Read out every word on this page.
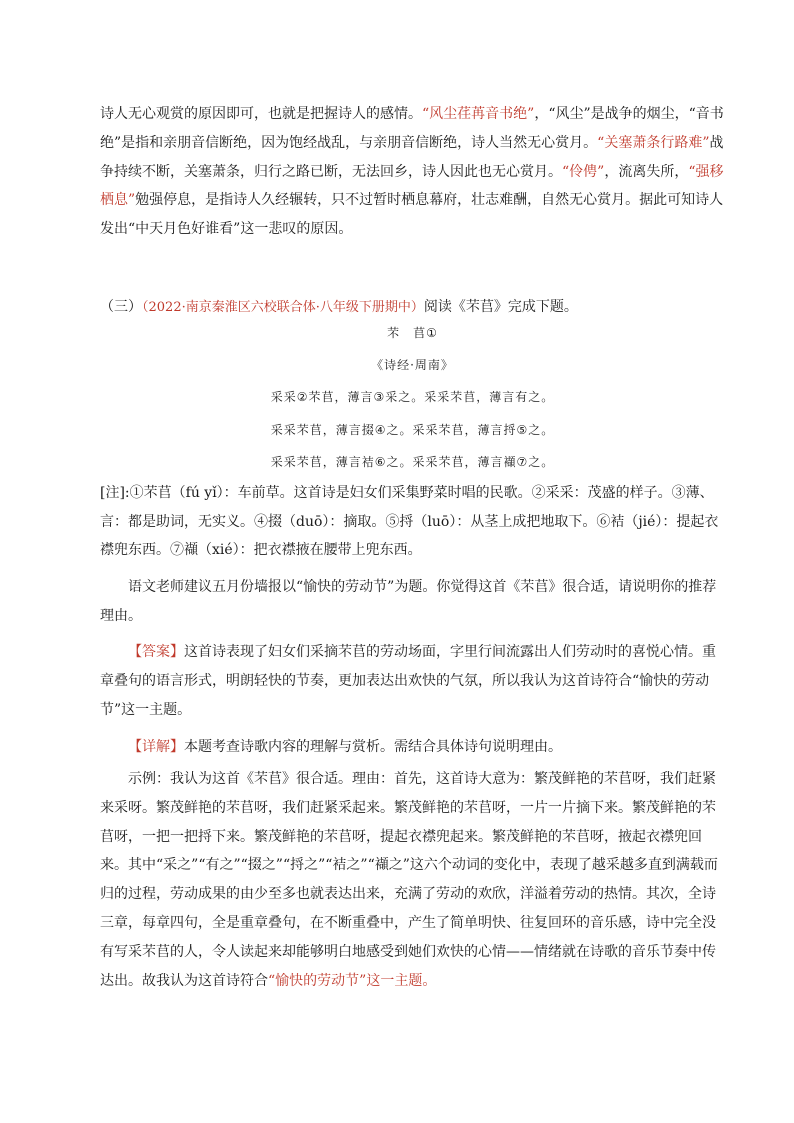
诗人无心观赏的原因即可，也就是把握诗人的感情。“风尘荏苒音书绝”，“风尘”是战争的烟尘，“音书绝”是指和亲朋音信断绝，因为饱经战乱，与亲朋音信断绝，诗人当然无心赏月。“关塞萧条行路难”战争持续不断，关塞萧条，归行之路已断，无法回乡，诗人因此也无心赏月。“伶俜”，流离失所，“强移栖息”勉强停息，是指诗人久经辗转，只不过暂时栖息幕府，壮志难酬，自然无心赏月。据此可知诗人发出“中天月色好谁看”这一悲叹的原因。

（三）（2022·南京秦淮区六校联合体·八年级下册期中）阅读《芣苢》完成下题。

芣　苢①
《诗经·周南》
采采②芣苢，薄言③采之。采采芣苢，薄言有之。
采采芣苢，薄言掇④之。采采芣苢，薄言捋⑤之。
采采芣苢，薄言袺⑥之。采采芣苢，薄言襭⑦之。

[注]:①芣苢（fú yǐ）：车前草。这首诗是妇女们采集野菜时唱的民歌。②采采：茂盛的样子。③薄、言：都是助词，无实义。④掇（duō）：摘取。⑤捋（luō）：从茎上成把地取下。⑥袺（jié）：提起衣襟兜东西。⑦襭（xié）：把衣襟掖在腰带上兜东西。

语文老师建议五月份墙报以“愉快的劳动节”为题。你觉得这首《芣苢》很合适，请说明你的推荐理由。

【答案】这首诗表现了妇女们采摘芣苢的劳动场面，字里行间流露出人们劳动时的喜悦心情。重章叠句的语言形式，明朗轻快的节奏，更加表达出欢快的气氛，所以我认为这首诗符合“愉快的劳动节”这一主题。

【详解】本题考查诗歌内容的理解与赏析。需结合具体诗句说明理由。

示例：我认为这首《芣苢》很合适。理由：首先，这首诗大意为：繁茂鲜艳的芣苢呀，我们赶紧来采呀。繁茂鲜艳的芣苢呀，我们赶紧采起来。繁茂鲜艳的芣苢呀，一片一片摘下来。繁茂鲜艳的芣苢呀，一把一把捋下来。繁茂鲜艳的芣苢呀，提起衣襟兜起来。繁茂鲜艳的芣苢呀，掖起衣襟兜回来。其中“采之”“有之”“掇之”“捋之”“袺之”“襭之”这六个动词的变化中，表现了越采越多直到满载而归的过程，劳动成果的由少至多也就表达出来，充满了劳动的欢欣，洋溢着劳动的热情。其次，全诗三章，每章四句，全是重章叠句，在不断重叠中，产生了简单明快、往复回环的音乐感，诗中完全没有写采芣苢的人，令人读起来却能够明白地感受到她们欢快的心情——情绪就在诗歌的音乐节奏中传达出。故我认为这首诗符合“愉快的劳动节”这一主题。
